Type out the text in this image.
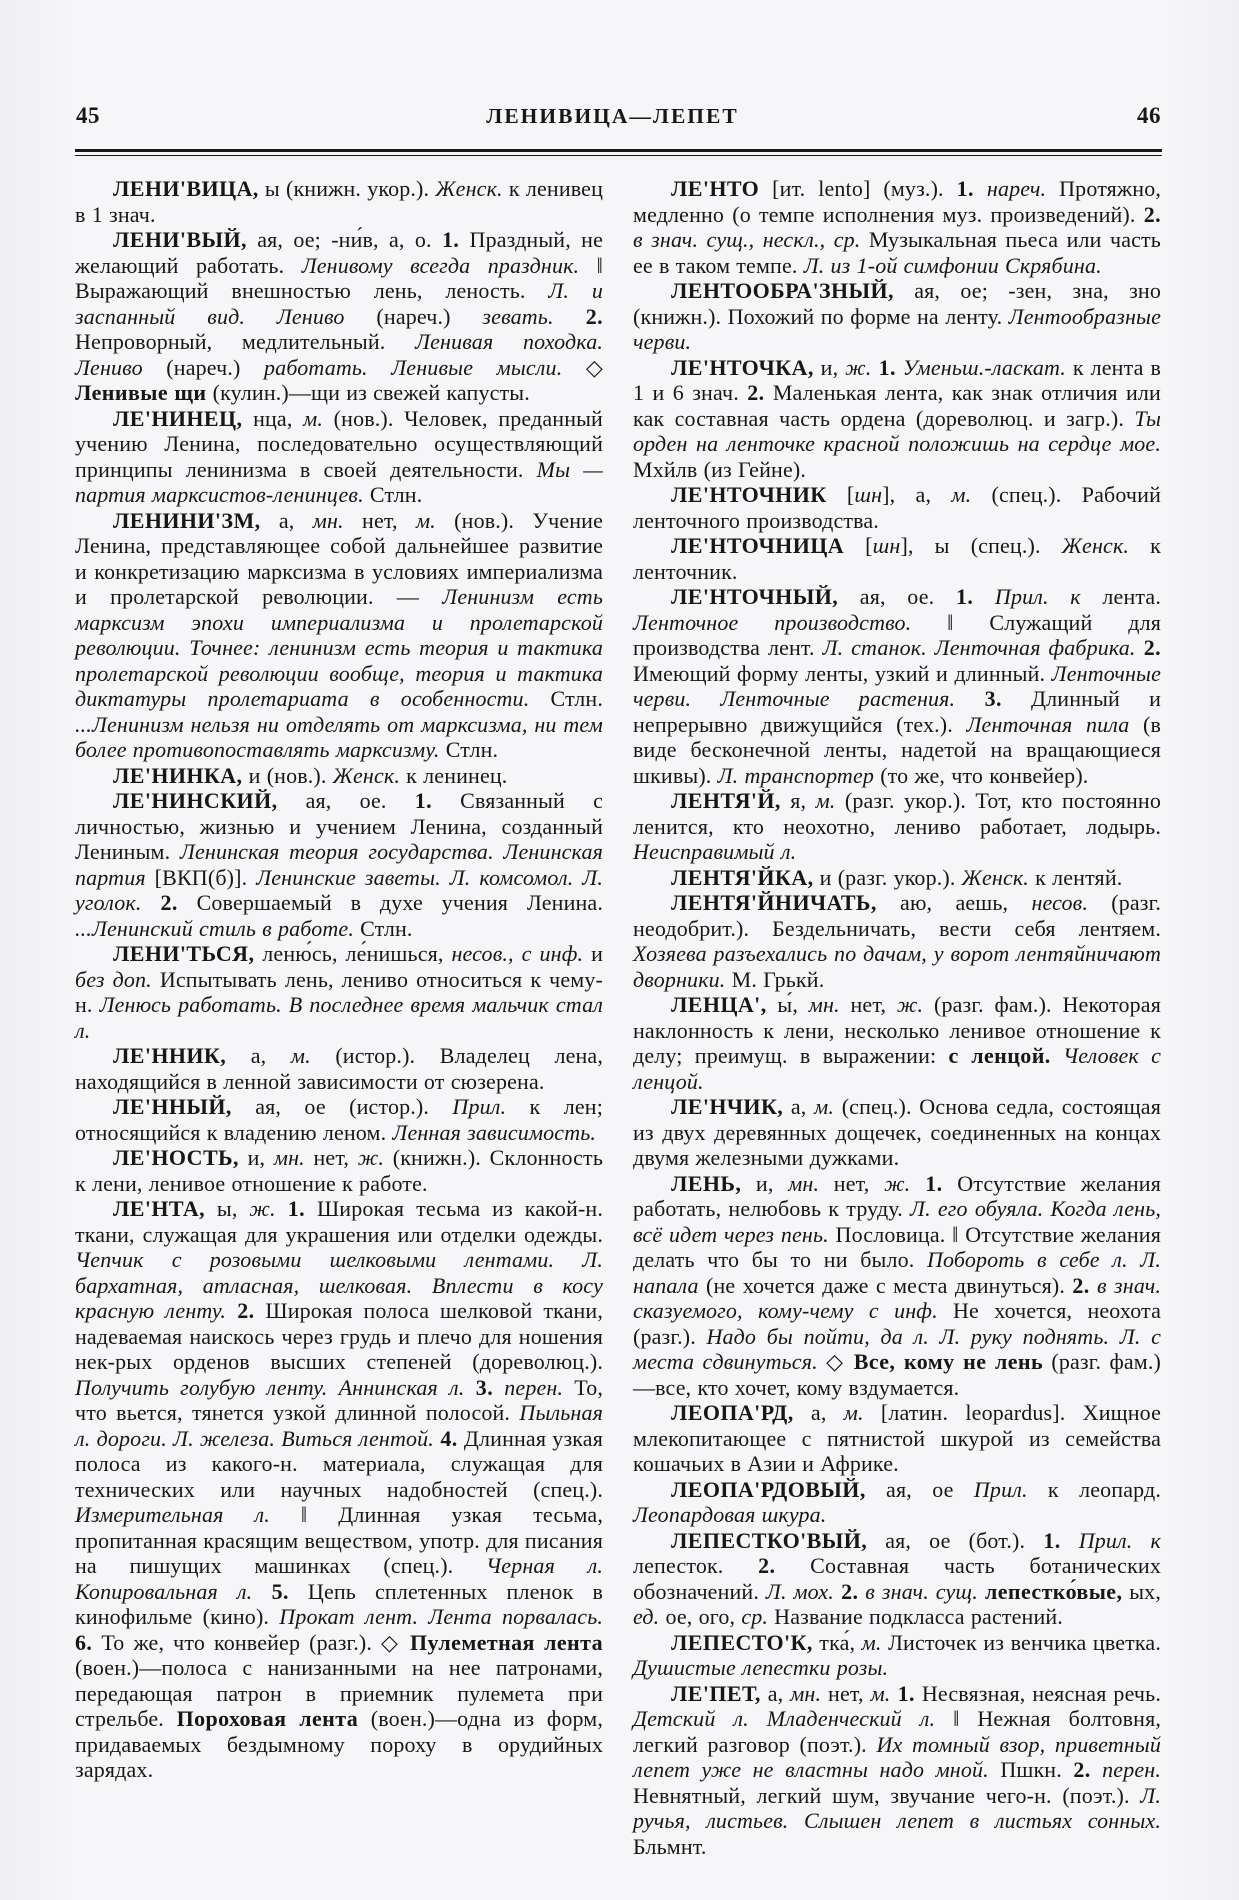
45	ЛЕНИВИЦА—ЛЕПЕТ	46

ЛЕНИ'ВИЦА, ы (книжн. укор.). Женск. к ленивец в 1 знач.

ЛЕНИ'ВЫЙ, ая, ое; -ни́в, а, о. 1. Праздный, не желающий работать. Ленивому всегда праздник. ‖ Выражающий внешностью лень, леность. Л. и заспанный вид. Лениво (нареч.) зевать. 2. Непроворный, медлительный. Ленивая походка. Лениво (нареч.) работать. Ленивые мысли. ◇ Ленивые щи (кулин.)—щи из свежей капусты.

ЛЕ'НИНЕЦ, нца, м. (нов.). Человек, преданный учению Ленина, последовательно осуществляющий принципы ленинизма в своей деятельности. Мы — партия марксистов-ленинцев. Стлн.

ЛЕНИНИ'ЗМ, а, мн. нет, м. (нов.). Учение Ленина, представляющее собой дальнейшее развитие и конкретизацию марксизма в условиях империализма и пролетарской революции. — Ленинизм есть марксизм эпохи империализма и пролетарской революции. Точнее: ленинизм есть теория и тактика пролетарской революции вообще, теория и тактика диктатуры пролетариата в особенности. Стлн. ...Ленинизм нельзя ни отделять от марксизма, ни тем более противопоставлять марксизму. Стлн.

ЛЕ'НИНКА, и (нов.). Женск. к ленинец.

ЛЕ'НИНСКИЙ, ая, ое. 1. Связанный с личностью, жизнью и учением Ленина, созданный Лениным. Ленинская теория государства. Ленинская партия [ВКП(б)]. Ленинские заветы. Л. комсомол. Л. уголок. 2. Совершаемый в духе учения Ленина. ...Ленинский стиль в работе. Стлн.

ЛЕНИ'ТЬСЯ, леню́сь, ле́нишься, несов., с инф. и без доп. Испытывать лень, лениво относиться к чему-н. Ленюсь работать. В последнее время мальчик стал л.

ЛЕ'ННИК, а, м. (истор.). Владелец лена, находящийся в ленной зависимости от сюзерена.

ЛЕ'ННЫЙ, ая, ое (истор.). Прил. к лен; относящийся к владению леном. Ленная зависимость.

ЛЕ'НОСТЬ, и, мн. нет, ж. (книжн.). Склонность к лени, ленивое отношение к работе.

ЛЕ'НТА, ы, ж. 1. Широкая тесьма из какой-н. ткани, служащая для украшения или отделки одежды. Чепчик с розовыми шелковыми лентами. Л. бархатная, атласная, шелковая. Вплести в косу красную ленту. 2. Широкая полоса шелковой ткани, надеваемая наискось через грудь и плечо для ношения нек-рых орденов высших степеней (дореволюц.). Получить голубую ленту. Аннинская л. 3. перен. То, что вьется, тянется узкой длинной полосой. Пыльная л. дороги. Л. железа. Виться лентой. 4. Длинная узкая полоса из какого-н. материала, служащая для технических или научных надобностей (спец.). Измерительная л. ‖ Длинная узкая тесьма, пропитанная красящим веществом, употр. для писания на пишущих машинках (спец.). Черная л. Копировальная л. 5. Цепь сплетенных пленок в кинофильме (кино). Прокат лент. Лента порвалась. 6. То же, что конвейер (разг.). ◇ Пулеметная лента (воен.)—полоса с нанизанными на нее патронами, передающая патрон в приемник пулемета при стрельбе. Пороховая лента (воен.)—одна из форм, придаваемых бездымному пороху в орудийных зарядах.

ЛЕ'НТО [ит. lento] (муз.). 1. нареч. Протяжно, медленно (о темпе исполнения муз. произведений). 2. в знач. сущ., нескл., ср. Музыкальная пьеса или часть ее в таком темпе. Л. из 1-ой симфонии Скрябина.

ЛЕНТООБРА'ЗНЫЙ, ая, ое; -зен, зна, зно (книжн.). Похожий по форме на ленту. Лентообразные черви.

ЛЕ'НТОЧКА, и, ж. 1. Уменьш.-ласкат. к лента в 1 и 6 знач. 2. Маленькая лента, как знак отличия или как составная часть ордена (дореволюц. и загр.). Ты орден на ленточке красной положишь на сердце мое. Мхйлв (из Гейне).

ЛЕ'НТОЧНИК [шн], а, м. (спец.). Рабочий ленточного производства.

ЛЕ'НТОЧНИЦА [шн], ы (спец.). Женск. к ленточник.

ЛЕ'НТОЧНЫЙ, ая, ое. 1. Прил. к лента. Ленточное производство. ‖ Служащий для производства лент. Л. станок. Ленточная фабрика. 2. Имеющий форму ленты, узкий и длинный. Ленточные черви. Ленточные растения. 3. Длинный и непрерывно движущийся (тех.). Ленточная пила (в виде бесконечной ленты, надетой на вращающиеся шкивы). Л. транспортер (то же, что конвейер).

ЛЕНТЯ'Й, я, м. (разг. укор.). Тот, кто постоянно ленится, кто неохотно, лениво работает, лодырь. Неисправимый л.

ЛЕНТЯ'ЙКА, и (разг. укор.). Женск. к лентяй.

ЛЕНТЯ'ЙНИЧАТЬ, аю, аешь, несов. (разг. неодобрит.). Бездельничать, вести себя лентяем. Хозяева разъехались по дачам, у ворот лентяйничают дворники. М. Грькй.

ЛЕНЦА', ы́, мн. нет, ж. (разг. фам.). Некоторая наклонность к лени, несколько ленивое отношение к делу; преимущ. в выражении: с ленцой. Человек с ленцой.

ЛЕ'НЧИК, а, м. (спец.). Основа седла, состоящая из двух деревянных дощечек, соединенных на концах двумя железными дужками.

ЛЕНЬ, и, мн. нет, ж. 1. Отсутствие желания работать, нелюбовь к труду. Л. его обуяла. Когда лень, всё идет через пень. Пословица. ‖ Отсутствие желания делать что бы то ни было. Побороть в себе л. Л. напала (не хочется даже с места двинуться). 2. в знач. сказуемого, кому-чему с инф. Не хочется, неохота (разг.). Надо бы пойти, да л. Л. руку поднять. Л. с места сдвинуться. ◇ Все, кому не лень (разг. фам.)—все, кто хочет, кому вздумается.

ЛЕОПА'РД, а, м. [латин. leopardus]. Хищное млекопитающее с пятнистой шкурой из семейства кошачьих в Азии и Африке.

ЛЕОПА'РДОВЫЙ, ая, ое Прил. к леопард. Леопардовая шкура.

ЛЕПЕСТКО'ВЫЙ, ая, ое (бот.). 1. Прил. к лепесток. 2. Составная часть ботанических обозначений. Л. мох. 2. в знач. сущ. лепестко́вые, ых, ед. ое, ого, ср. Название подкласса растений.

ЛЕПЕСТО'К, тка́, м. Листочек из венчика цветка. Душистые лепестки розы.

ЛЕ'ПЕТ, а, мн. нет, м. 1. Несвязная, неясная речь. Детский л. Младенческий л. ‖ Нежная болтовня, легкий разговор (поэт.). Их томный взор, приветный лепет уже не властны надо мной. Пшкн. 2. перен. Невнятный, легкий шум, звучание чего-н. (поэт.). Л. ручья, листьев. Слышен лепет в листьях сонных. Бльмнт.
